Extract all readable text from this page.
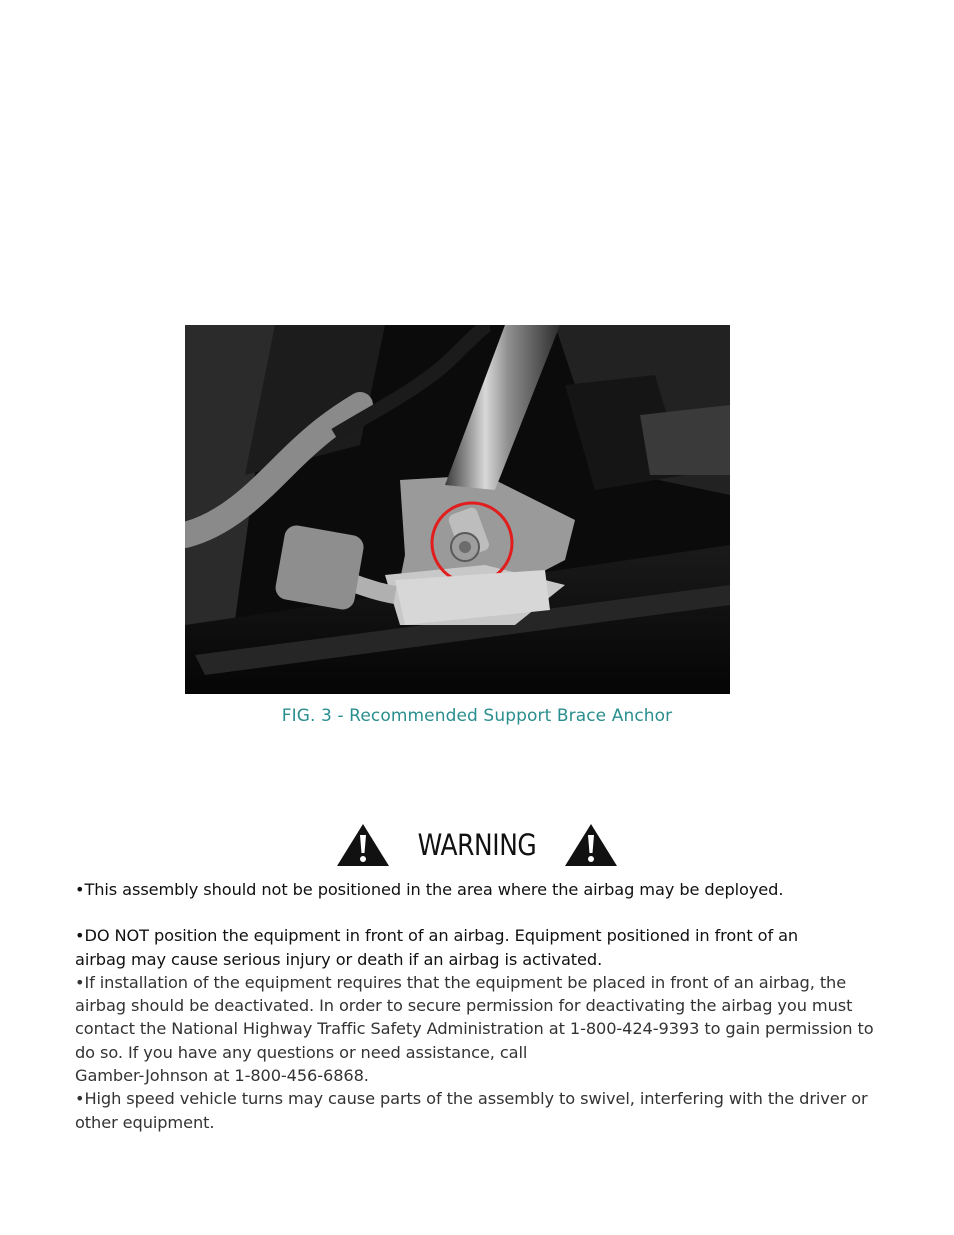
FIG. 3 - Recommended Support Brace Anchor
WARNING

•This assembly should not be positioned in the area where the airbag may be deployed.

•DO NOT position the equipment in front of an airbag. Equipment positioned in front of an
airbag may cause serious injury or death if an airbag is activated.

•If installation of the equipment requires that the equipment be placed in front of an airbag, the airbag should be deactivated. In order to secure permission for deactivating the airbag you must contact the National Highway Traffic Safety Administration at 1-800-424-9393 to gain permission to do so. If you have any questions or need assistance, call
Gamber-Johnson at 1-800-456-6868.

•High speed vehicle turns may cause parts of the assembly to swivel, interfering with the driver or other equipment.
